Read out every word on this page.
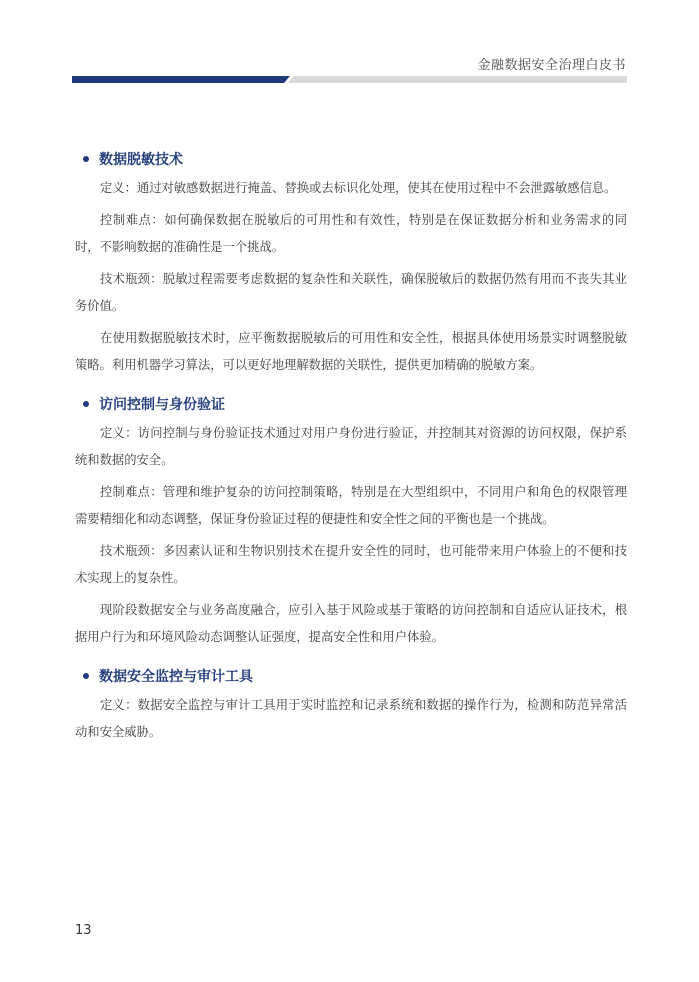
金融数据安全治理白皮书
数据脱敏技术

定义：通过对敏感数据进行掩盖、替换或去标识化处理，使其在使用过程中不会泄露敏感信息。

控制难点：如何确保数据在脱敏后的可用性和有效性，特别是在保证数据分析和业务需求的同时，不影响数据的准确性是一个挑战。

技术瓶颈：脱敏过程需要考虑数据的复杂性和关联性，确保脱敏后的数据仍然有用而不丧失其业务价值。

在使用数据脱敏技术时，应平衡数据脱敏后的可用性和安全性，根据具体使用场景实时调整脱敏策略。利用机器学习算法，可以更好地理解数据的关联性，提供更加精确的脱敏方案。

访问控制与身份验证

定义：访问控制与身份验证技术通过对用户身份进行验证，并控制其对资源的访问权限，保护系统和数据的安全。

控制难点：管理和维护复杂的访问控制策略，特别是在大型组织中，不同用户和角色的权限管理需要精细化和动态调整，保证身份验证过程的便捷性和安全性之间的平衡也是一个挑战。

技术瓶颈：多因素认证和生物识别技术在提升安全性的同时，也可能带来用户体验上的不便和技术实现上的复杂性。

现阶段数据安全与业务高度融合，应引入基于风险或基于策略的访问控制和自适应认证技术，根据用户行为和环境风险动态调整认证强度，提高安全性和用户体验。

数据安全监控与审计工具

定义：数据安全监控与审计工具用于实时监控和记录系统和数据的操作行为，检测和防范异常活动和安全威胁。

13
